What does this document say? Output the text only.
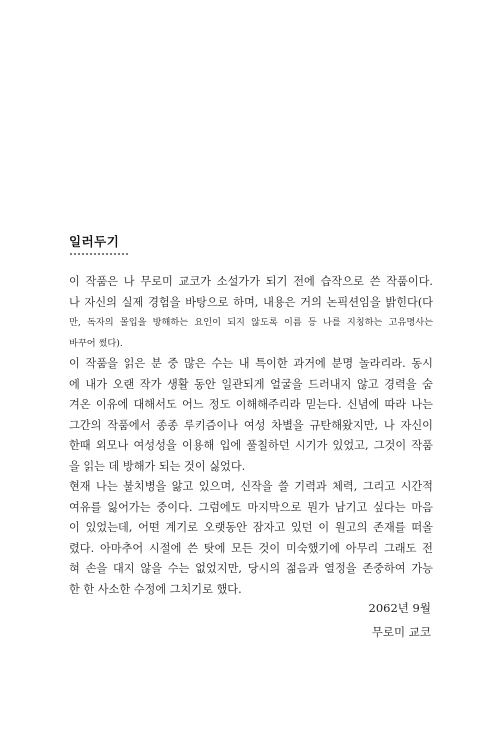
일러두기
이 작품은 나 무로미 교코가 소설가가 되기 전에 습작으로 쓴 작품이다.
나 자신의 실제 경험을 바탕으로 하며, 내용은 거의 논픽션임을 밝힌다(다
만, 독자의 몰입을 방해하는 요인이 되지 않도록 이름 등 나를 지칭하는 고유명사는
바꾸어 썼다).
이 작품을 읽은 분 중 많은 수는 내 특이한 과거에 분명 놀라리라. 동시
에 내가 오랜 작가 생활 동안 일관되게 얼굴을 드러내지 않고 경력을 숨
겨온 이유에 대해서도 어느 정도 이해해주리라 믿는다. 신념에 따라 나는
그간의 작품에서 종종 루키즘이나 여성 차별을 규탄해왔지만, 나 자신이
한때 외모나 여성성을 이용해 입에 풀칠하던 시기가 있었고, 그것이 작품
을 읽는 데 방해가 되는 것이 싫었다.
현재 나는 불치병을 앓고 있으며, 신작을 쓸 기력과 체력, 그리고 시간적
여유를 잃어가는 중이다. 그럼에도 마지막으로 뭔가 남기고 싶다는 마음
이 있었는데, 어떤 계기로 오랫동안 잠자고 있던 이 원고의 존재를 떠올
렸다. 아마추어 시절에 쓴 탓에 모든 것이 미숙했기에 아무리 그래도 전
혀 손을 대지 않을 수는 없었지만, 당시의 젊음과 열정을 존중하여 가능
한 한 사소한 수정에 그치기로 했다.
2062년 9월
무로미 교코
